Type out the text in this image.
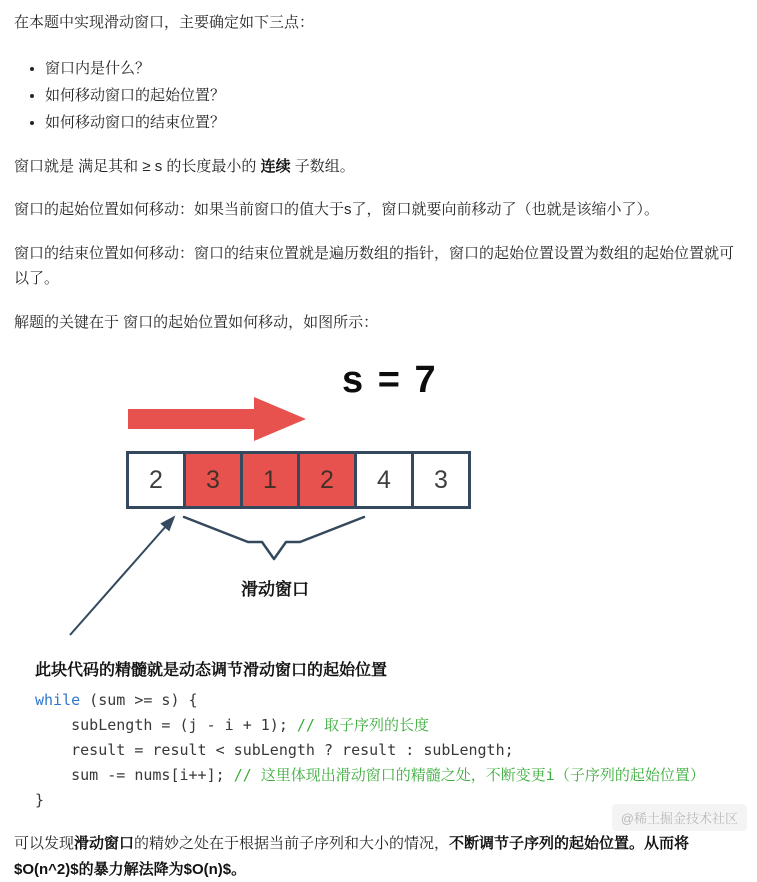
在本题中实现滑动窗口，主要确定如下三点：

• 窗口内是什么？
• 如何移动窗口的起始位置？
• 如何移动窗口的结束位置？

窗口就是 满足其和 ≥ s 的长度最小的 连续 子数组。

窗口的起始位置如何移动：如果当前窗口的值大于s了，窗口就要向前移动了（也就是该缩小了）。

窗口的结束位置如何移动：窗口的结束位置就是遍历数组的指针，窗口的起始位置设置为数组的起始位置就可以了。

解题的关键在于 窗口的起始位置如何移动，如图所示：

s = 7
2	3	1	2	4	3
滑动窗口

此块代码的精髓就是动态调节滑动窗口的起始位置

while (sum >= s) {
subLength = (j - i + 1); // 取子序列的长度
result = result < subLength ? result : subLength;
sum -= nums[i++]; // 这里体现出滑动窗口的精髓之处，不断变更i（子序列的起始位置）
}

可以发现滑动窗口的精妙之处在于根据当前子序列和大小的情况，不断调节子序列的起始位置。从而将$O(n^2)$的暴力解法降为$O(n)$。

@稀土掘金技术社区
